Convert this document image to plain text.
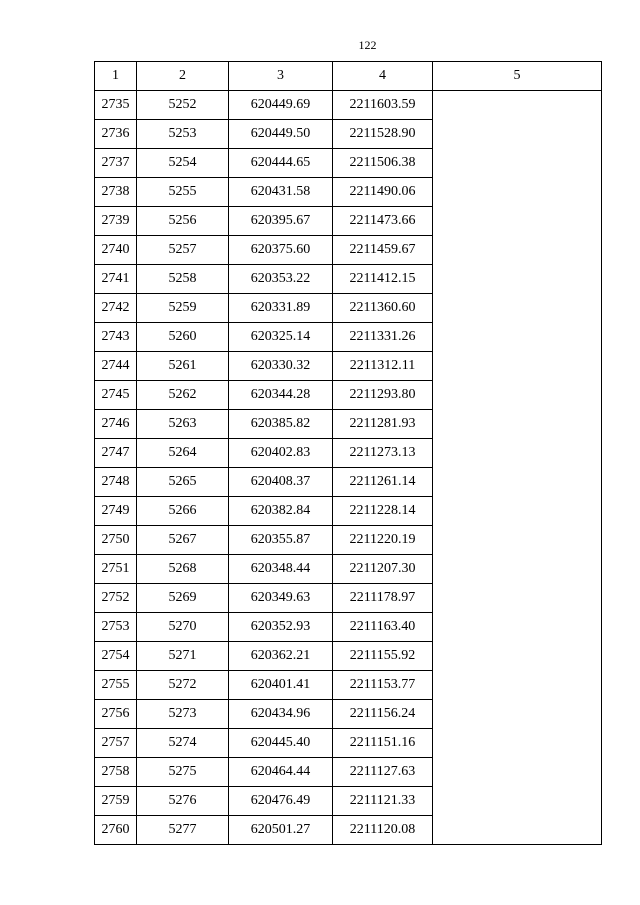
122
1	2	3	4	5
2735	5252	620449.69	2211603.59	
2736	5253	620449.50	2211528.90	
2737	5254	620444.65	2211506.38	
2738	5255	620431.58	2211490.06	
2739	5256	620395.67	2211473.66	
2740	5257	620375.60	2211459.67	
2741	5258	620353.22	2211412.15	
2742	5259	620331.89	2211360.60	
2743	5260	620325.14	2211331.26	
2744	5261	620330.32	2211312.11	
2745	5262	620344.28	2211293.80	
2746	5263	620385.82	2211281.93	
2747	5264	620402.83	2211273.13	
2748	5265	620408.37	2211261.14	
2749	5266	620382.84	2211228.14	
2750	5267	620355.87	2211220.19	
2751	5268	620348.44	2211207.30	
2752	5269	620349.63	2211178.97	
2753	5270	620352.93	2211163.40	
2754	5271	620362.21	2211155.92	
2755	5272	620401.41	2211153.77	
2756	5273	620434.96	2211156.24	
2757	5274	620445.40	2211151.16	
2758	5275	620464.44	2211127.63	
2759	5276	620476.49	2211121.33	
2760	5277	620501.27	2211120.08	
